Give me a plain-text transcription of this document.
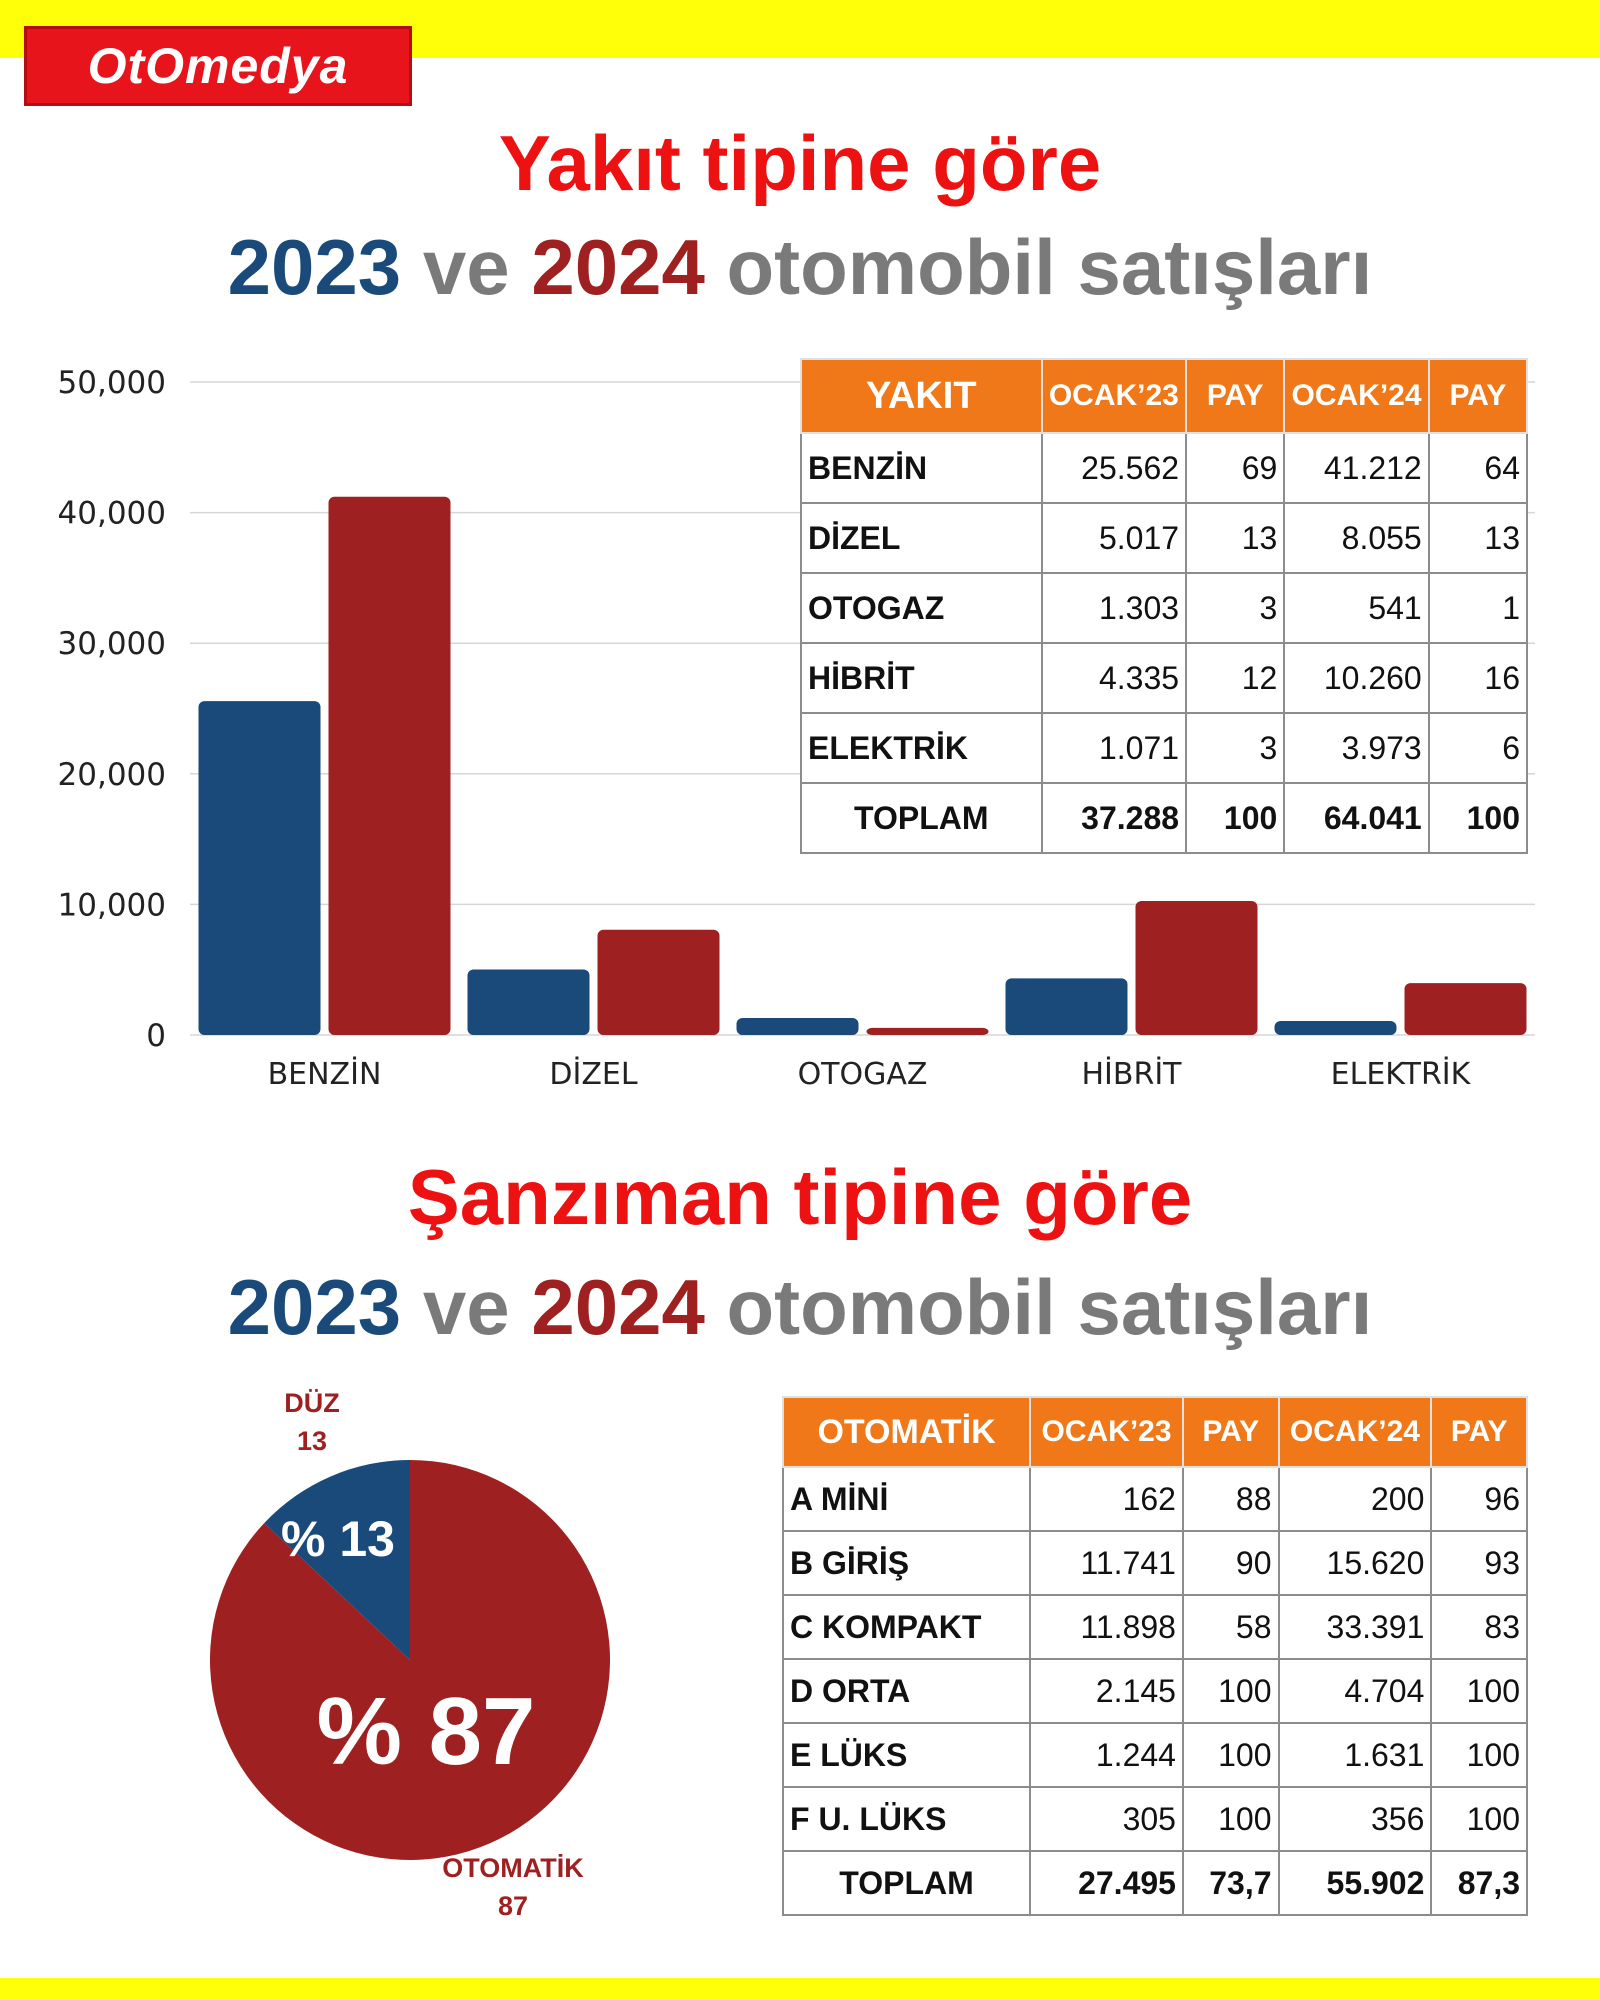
OtOmedya
Yakıt tipine göre
2023 ve 2024 otomobil satışları
0
10,000
20,000
30,000
40,000
50,000
BENZİN	DİZEL	OTOGAZ	HİBRİT	ELEKTRİK
YAKIT	OCAK’23	PAY	OCAK’24	PAY
BENZİN	25.562	69	41.212	64
DİZEL	5.017	13	8.055	13
OTOGAZ	1.303	3	541	1
HİBRİT	4.335	12	10.260	16
ELEKTRİK	1.071	3	3.973	6
TOPLAM	37.288	100	64.041	100
Şanzıman tipine göre
2023 ve 2024 otomobil satışları
% 13
% 87
DÜZ
13
OTOMATİK
87
OTOMATİK	OCAK’23	PAY	OCAK’24	PAY
A MİNİ	162	88	200	96
B GİRİŞ	11.741	90	15.620	93
C KOMPAKT	11.898	58	33.391	83
D ORTA	2.145	100	4.704	100
E LÜKS	1.244	100	1.631	100
F U. LÜKS	305	100	356	100
TOPLAM	27.495	73,7	55.902	87,3
